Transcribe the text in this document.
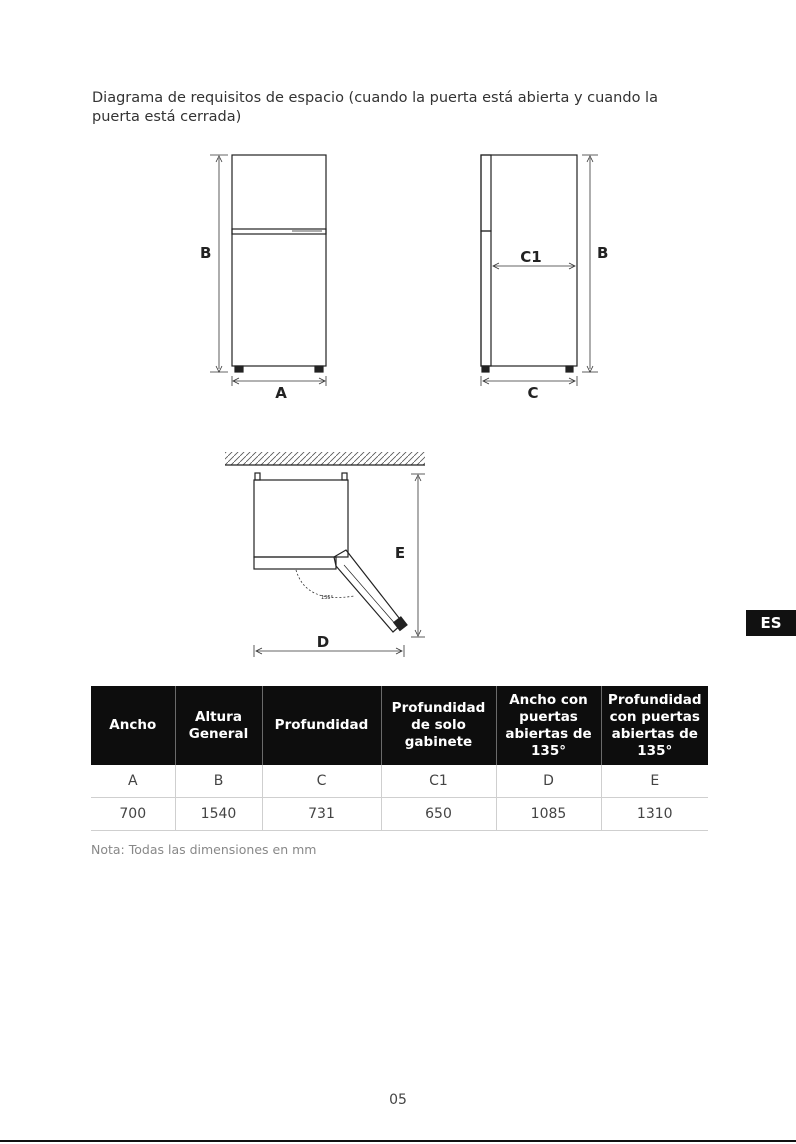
Diagrama de requisitos de espacio (cuando la puerta está abierta y cuando la puerta está cerrada)

B
A
C1	B
C
135°
E
D
ES
Ancho	Altura General	Profundidad	Profundidad de solo gabinete	Ancho con puertas abiertas de 135°	Profundidad con puertas abiertas de 135°
A	B	C	C1	D	E
700	1540	731	650	1085	1310

Nota: Todas las dimensiones en mm

05
